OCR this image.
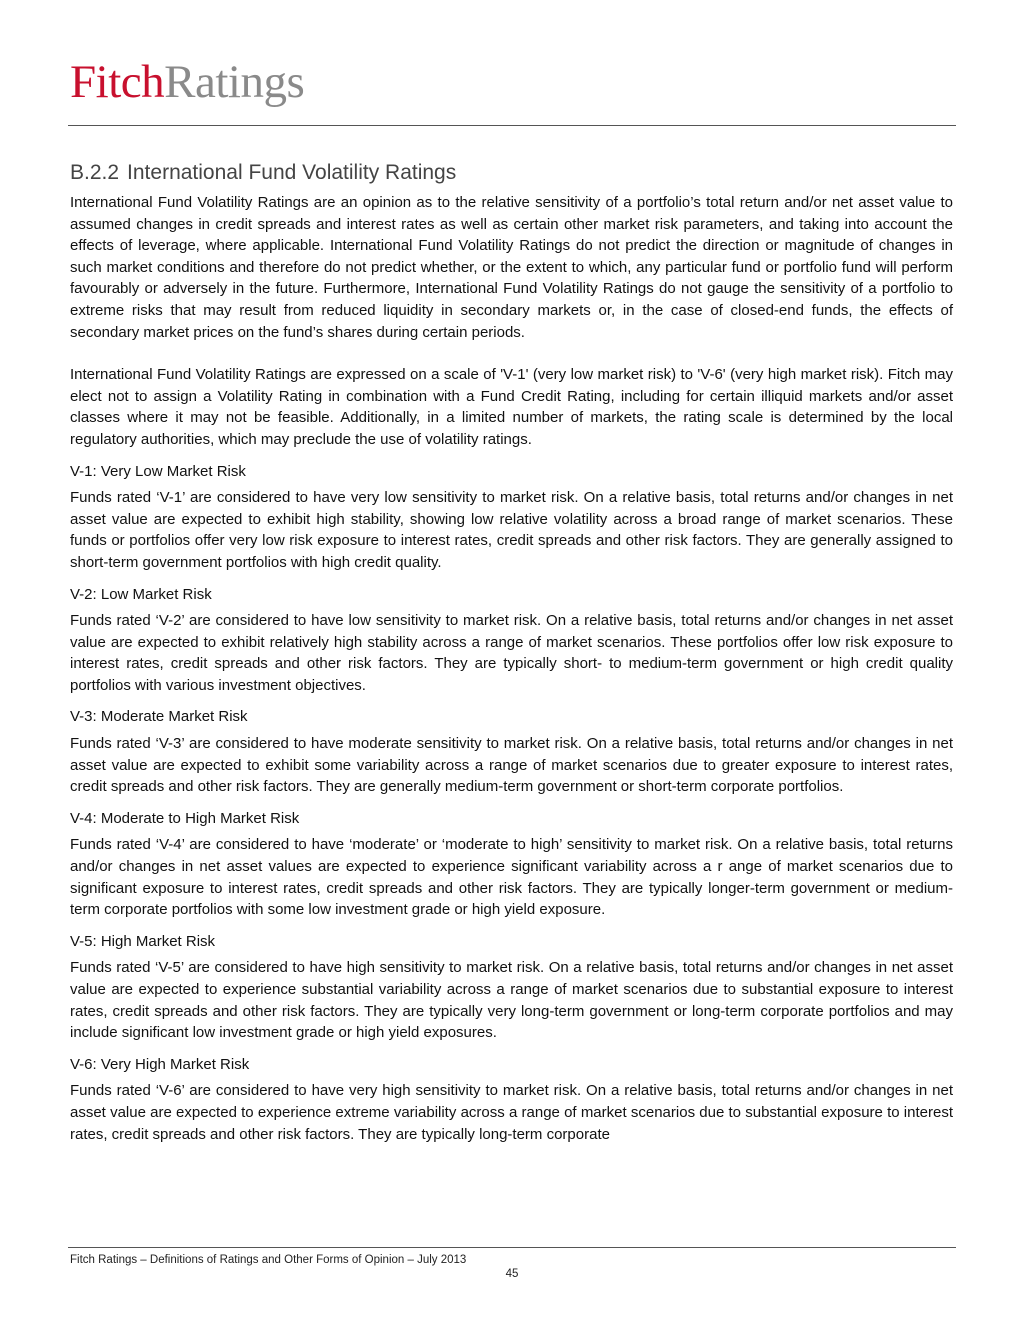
FitchRatings
B.2.2 International Fund Volatility Ratings

International Fund Volatility Ratings are an opinion as to the relative sensitivity of a portfolio’s total return and/or net asset value to assumed changes in credit spreads and interest rates as well as certain other market risk parameters, and taking into account the effects of leverage, where applicable. International Fund Volatility Ratings do not predict the direction or magnitude of changes in such market conditions and therefore do not predict whether, or the extent to which, any particular fund or portfolio fund will perform favourably or adversely in the future. Furthermore, International Fund Volatility Ratings do not gauge the sensitivity of a portfolio to extreme risks that may result from reduced liquidity in secondary markets or, in the case of closed-end funds, the effects of secondary market prices on the fund’s shares during certain periods.

International Fund Volatility Ratings are expressed on a scale of 'V-1' (very low market risk) to 'V-6' (very high market risk). Fitch may elect not to assign a Volatility Rating in combination with a Fund Credit Rating, including for certain illiquid markets and/or asset classes where it may not be feasible. Additionally, in a limited number of markets, the rating scale is determined by the local regulatory authorities, which may preclude the use of volatility ratings.

V-1: Very Low Market Risk

Funds rated ‘V-1’ are considered to have very low sensitivity to market risk. On a relative basis, total returns and/or changes in net asset value are expected to exhibit high stability, showing low relative volatility across a broad range of market scenarios. These funds or portfolios offer very low risk exposure to interest rates, credit spreads and other risk factors. They are generally assigned to short-term government portfolios with high credit quality.

V-2: Low Market Risk

Funds rated ‘V-2’ are considered to have low sensitivity to market risk. On a relative basis, total returns and/or changes in net asset value are expected to exhibit relatively high stability across a range of market scenarios. These portfolios offer low risk exposure to interest rates, credit spreads and other risk factors. They are typically short- to medium-term government or high credit quality portfolios with various investment objectives.

V-3: Moderate Market Risk

Funds rated ‘V-3’ are considered to have moderate sensitivity to market risk. On a relative basis, total returns and/or changes in net asset value are expected to exhibit some variability across a range of market scenarios due to greater exposure to interest rates, credit spreads and other risk factors. They are generally medium-term government or short-term corporate portfolios.

V-4: Moderate to High Market Risk

Funds rated ‘V-4’ are considered to have ‘moderate’ or ‘moderate to high’ sensitivity to market risk. On a relative basis, total returns and/or changes in net asset values are expected to experience significant variability across a r ange of market scenarios due to significant exposure to interest rates, credit spreads and other risk factors. They are typically longer-term government or medium-term corporate portfolios with some low investment grade or high yield exposure.

V-5: High Market Risk

Funds rated ‘V-5’ are considered to have high sensitivity to market risk. On a relative basis, total returns and/or changes in net asset value are expected to experience substantial variability across a range of market scenarios due to substantial exposure to interest rates, credit spreads and other risk factors. They are typically very long-term government or long-term corporate portfolios and may include significant low investment grade or high yield exposures.

V-6: Very High Market Risk

Funds rated ‘V-6’ are considered to have very high sensitivity to market risk. On a relative basis, total returns and/or changes in net asset value are expected to experience extreme variability across a range of market scenarios due to substantial exposure to interest rates, credit spreads and other risk factors. They are typically long-term corporate

Fitch Ratings – Definitions of Ratings and Other Forms of Opinion – July 2013
45
